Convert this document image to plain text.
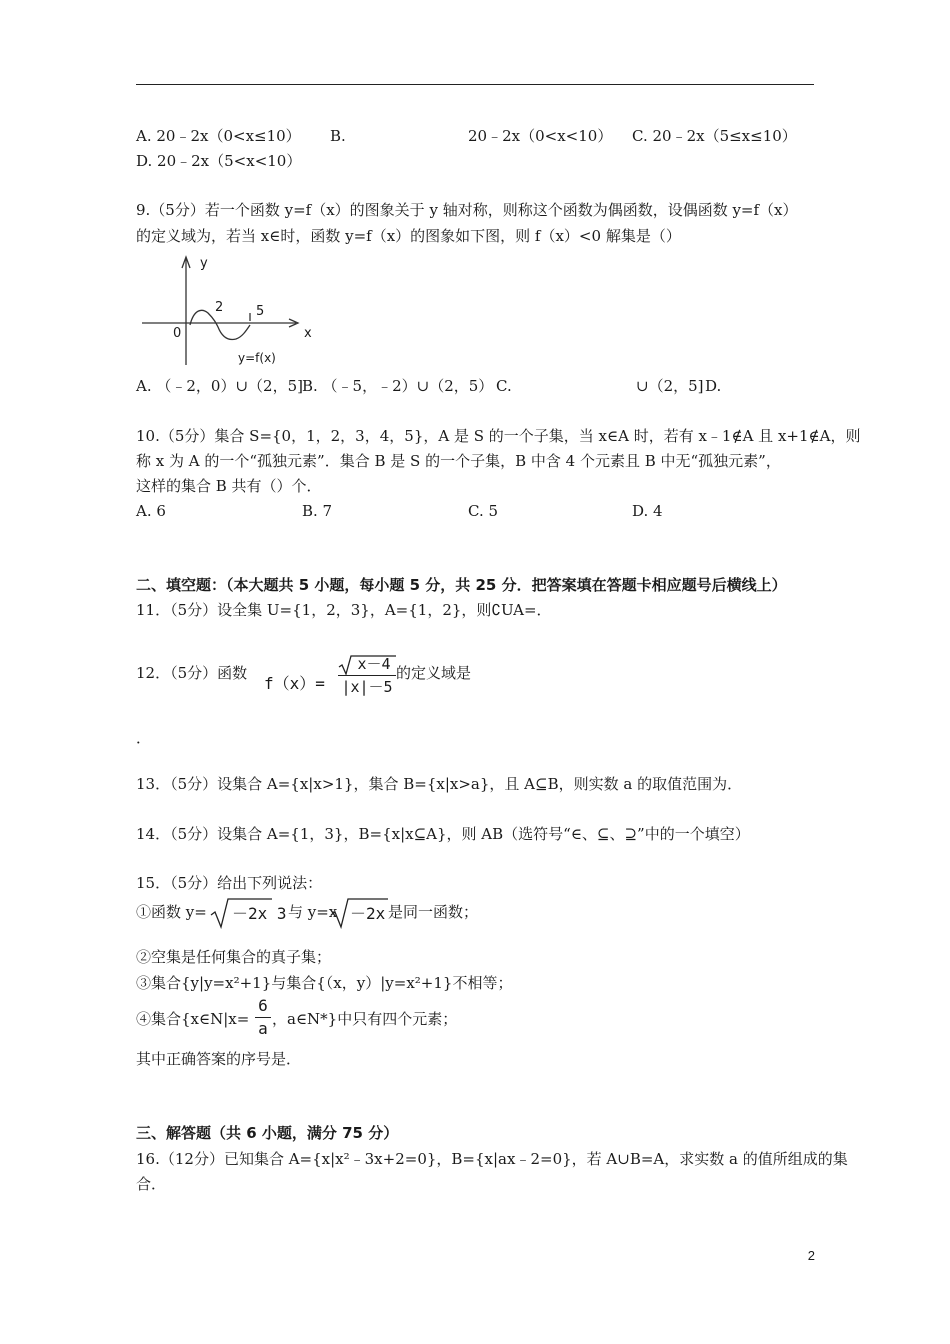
A. 20﹣2x（0<x≤10） B.	20﹣2x（0<x<10） C. 20﹣2x（5≤x≤10）
D. 20﹣2x（5<x<10）
9.（5分）若一个函数 y=f（x）的图象关于 y 轴对称，则称这个函数为偶函数，设偶函数 y=f（x）
的定义域为，若当 x∈时，函数 y=f（x）的图象如下图，则 f（x）<0 解集是（）
y
x
0
2	5
y=f(x)
A. （﹣2，0）∪（2，5] B. （﹣5，﹣2）∪（2，5） C.	∪（2，5] D.
10.（5分）集合 S={0，1，2，3，4，5}，A 是 S 的一个子集，当 x∈A 时，若有 x﹣1∉A 且 x+1∉A，则
称 x 为 A 的一个“孤独元素”．集合 B 是 S 的一个子集，B 中含 4 个元素且 B 中无“孤独元素”，
这样的集合 B 共有（）个．
A. 6	B. 7	C. 5	D. 4
二、填空题：（本大题共 5 小题，每小题 5 分，共 25 分．把答案填在答题卡相应题号后横线上）
11．（5分）设全集 U={1，2，3}，A={1，2}，则∁UA=．
12．（5分）函数
f（x）=
x－4
|x|－5
的定义域是
．
13．（5分）设集合 A={x|x>1}，集合 B={x|x>a}，且 A⊆B，则实数 a 的取值范围为．
14．（5分）设集合 A={1，3}，B={x|x⊆A}，则 AB（选符号“∈、⊆、⊇”中的一个填空）
15．（5分）给出下列说法：
①函数 y= －2x 3 与 y=x －2x 是同一函数；
②空集是任何集合的真子集；
③集合{y|y=x²+1}与集合{（x，y）|y=x²+1}不相等；
④集合{x∈N|x=
6
a ，a∈N*}中只有四个元素；
其中正确答案的序号是．
三、解答题（共 6 小题，满分 75 分）
16.（12分）已知集合 A={x|x²﹣3x+2=0}，B={x|ax﹣2=0}，若 A∪B=A，求实数 a 的值所组成的集
合．
2
